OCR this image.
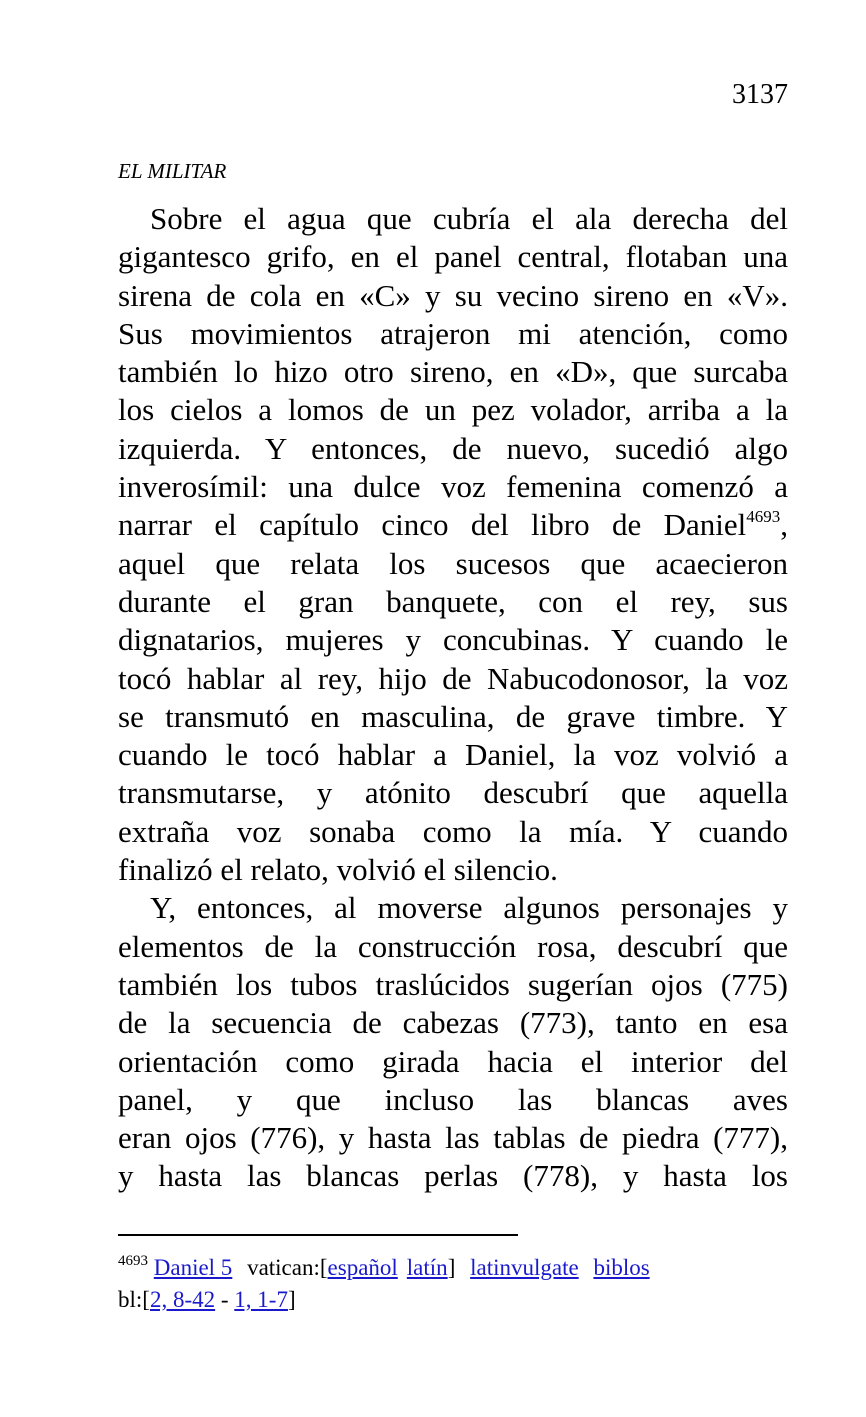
3137
EL MILITAR
Sobre el agua que cubría el ala derecha del
gigantesco grifo, en el panel central, flotaban una
sirena de cola en «C» y su vecino sireno en «V».
Sus movimientos atrajeron mi atención, como
también lo hizo otro sireno, en «D», que surcaba
los cielos a lomos de un pez volador, arriba a la
izquierda. Y entonces, de nuevo, sucedió algo
inverosímil: una dulce voz femenina comenzó a
narrar el capítulo cinco del libro de Daniel$^{4693}$,
aquel que relata los sucesos que acaecieron
durante el gran banquete, con el rey, sus
dignatarios, mujeres y concubinas. Y cuando le
tocó hablar al rey, hijo de Nabucodonosor, la voz
se transmutó en masculina, de grave timbre. Y
cuando le tocó hablar a Daniel, la voz volvió a
transmutarse, y atónito descubrí que aquella
extraña voz sonaba como la mía. Y cuando
finalizó el relato, volvió el silencio.
Y, entonces, al moverse algunos personajes y
elementos de la construcción rosa, descubrí que
también los tubos traslúcidos sugerían ojos (775)
de la secuencia de cabezas (773), tanto en esa
orientación como girada hacia el interior del
panel, y que incluso las blancas aves
eran ojos (776), y hasta las tablas de piedra (777),
y hasta las blancas perlas (778), y hasta los
$^{4693}$ Daniel 5 vatican:[español latín] latinvulgate biblos
bl:[2, 8-42 - 1, 1-7]
